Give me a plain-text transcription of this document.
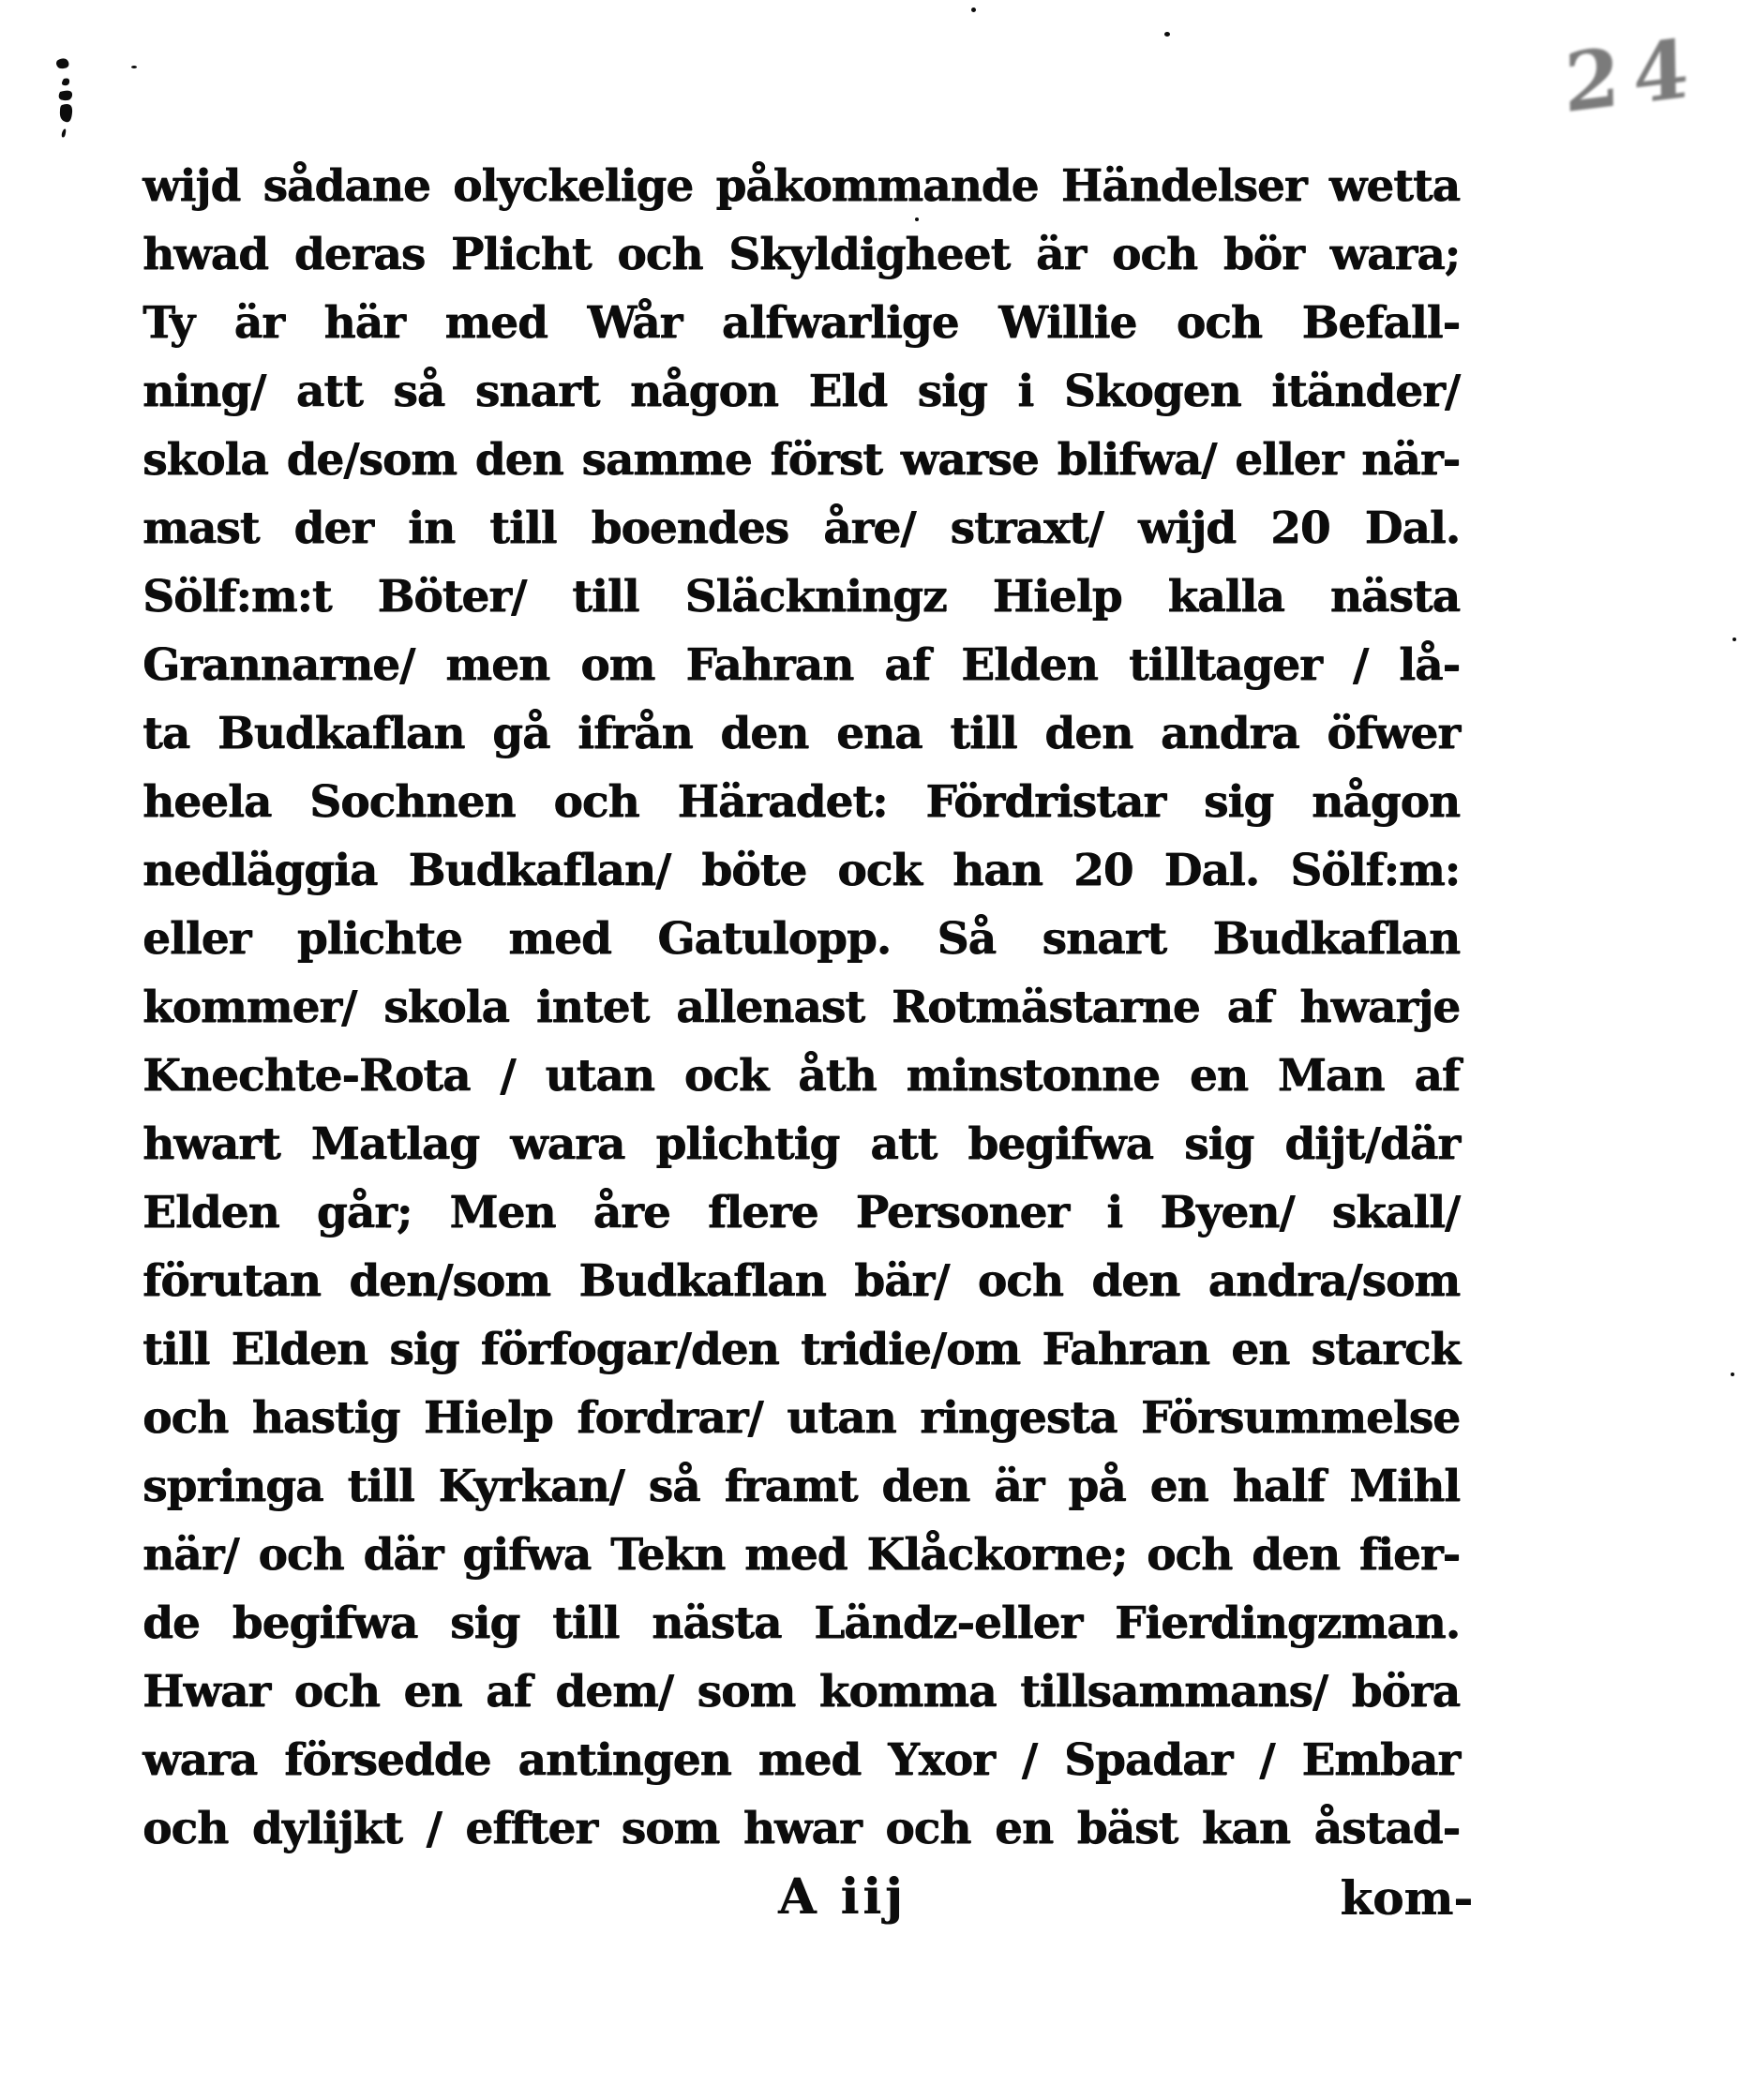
24
wijd sådane olyckelige påkommande Händelser wetta
hwad deras Plicht och Skyldigheet är och bör wara;
Ty är här med Wår alfwarlige Willie och Befall-
ning/ att så snart någon Eld sig i Skogen itänder/
skola de/som den samme först warse blifwa/ eller när-
mast der in till boendes åre/ straxt/ wijd 20 Dal.
Sölf:m:t Böter/ till Släckningz Hielp kalla nästa
Grannarne/ men om Fahran af Elden tilltager / lå-
ta Budkaflan gå ifrån den ena till den andra öfwer
heela Sochnen och Häradet: Fördristar sig någon
nedläggia Budkaflan/ böte ock han 20 Dal. Sölf:m:
eller plichte med Gatulopp. Så snart Budkaflan
kommer/ skola intet allenast Rotmästarne af hwarje
Knechte-Rota / utan ock åth minstonne en Man af
hwart Matlag wara plichtig att begifwa sig dijt/där
Elden går; Men åre flere Personer i Byen/ skall/
förutan den/som Budkaflan bär/ och den andra/som
till Elden sig förfogar/den tridie/om Fahran en starck
och hastig Hielp fordrar/ utan ringesta Försummelse
springa till Kyrkan/ så framt den är på en half Mihl
när/ och där gifwa Tekn med Klåckorne; och den fier-
de begifwa sig till nästa Ländz-eller Fierdingzman.
Hwar och en af dem/ som komma tillsammans/ böra
wara försedde antingen med Yxor / Spadar / Embar
och dylijkt / effter som hwar och en bäst kan åstad-
A iij	kom-
